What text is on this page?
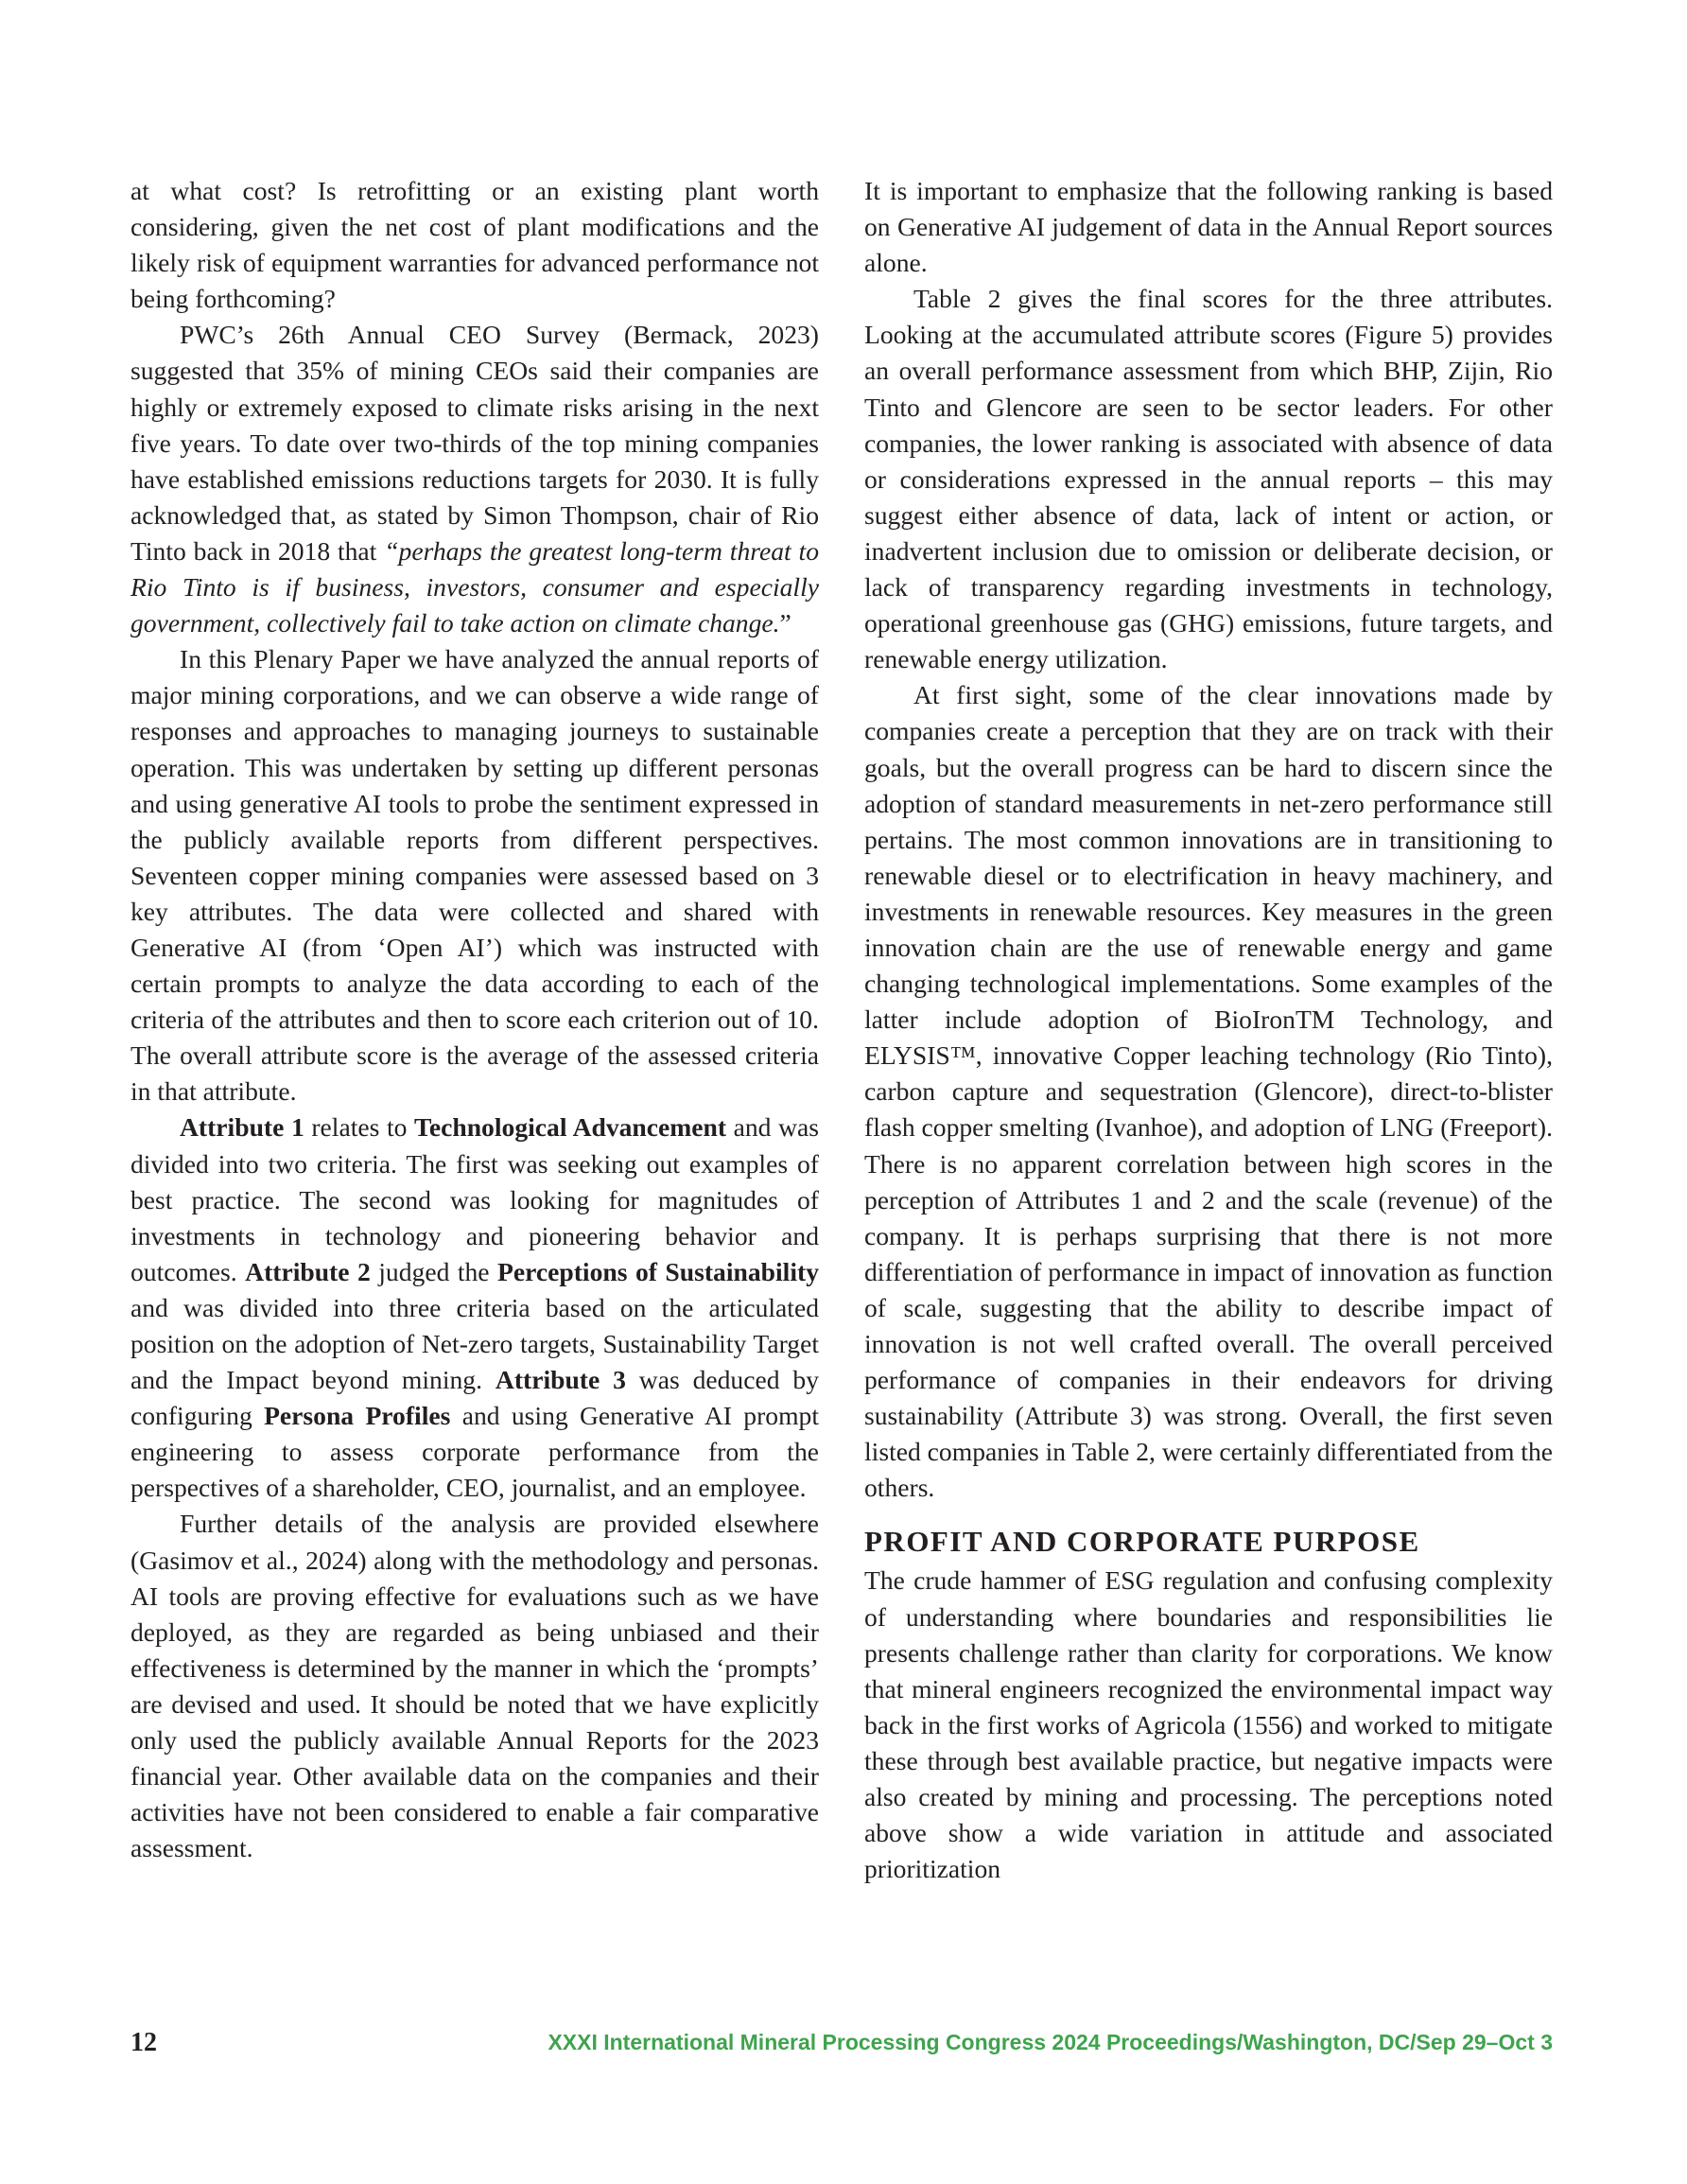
at what cost? Is retrofitting or an existing plant worth considering, given the net cost of plant modifications and the likely risk of equipment warranties for advanced performance not being forthcoming?

PWC’s 26th Annual CEO Survey (Bermack, 2023) suggested that 35% of mining CEOs said their companies are highly or extremely exposed to climate risks arising in the next five years. To date over two-thirds of the top mining companies have established emissions reductions targets for 2030. It is fully acknowledged that, as stated by Simon Thompson, chair of Rio Tinto back in 2018 that “perhaps the greatest long-term threat to Rio Tinto is if business, investors, consumer and especially government, collectively fail to take action on climate change.”

In this Plenary Paper we have analyzed the annual reports of major mining corporations, and we can observe a wide range of responses and approaches to managing journeys to sustainable operation. This was undertaken by setting up different personas and using generative AI tools to probe the sentiment expressed in the publicly available reports from different perspectives. Seventeen copper mining companies were assessed based on 3 key attributes. The data were collected and shared with Generative AI (from ‘Open AI’) which was instructed with certain prompts to analyze the data according to each of the criteria of the attributes and then to score each criterion out of 10. The overall attribute score is the average of the assessed criteria in that attribute.

Attribute 1 relates to Technological Advancement and was divided into two criteria. The first was seeking out examples of best practice. The second was looking for magnitudes of investments in technology and pioneering behavior and outcomes. Attribute 2 judged the Perceptions of Sustainability and was divided into three criteria based on the articulated position on the adoption of Net-zero targets, Sustainability Target and the Impact beyond mining. Attribute 3 was deduced by configuring Persona Profiles and using Generative AI prompt engineering to assess corporate performance from the perspectives of a shareholder, CEO, journalist, and an employee.

Further details of the analysis are provided elsewhere (Gasimov et al., 2024) along with the methodology and personas. AI tools are proving effective for evaluations such as we have deployed, as they are regarded as being unbiased and their effectiveness is determined by the manner in which the ‘prompts’ are devised and used. It should be noted that we have explicitly only used the publicly available Annual Reports for the 2023 financial year. Other available data on the companies and their activities have not been considered to enable a fair comparative assessment.

It is important to emphasize that the following ranking is based on Generative AI judgement of data in the Annual Report sources alone.

Table 2 gives the final scores for the three attributes. Looking at the accumulated attribute scores (Figure 5) provides an overall performance assessment from which BHP, Zijin, Rio Tinto and Glencore are seen to be sector leaders. For other companies, the lower ranking is associated with absence of data or considerations expressed in the annual reports – this may suggest either absence of data, lack of intent or action, or inadvertent inclusion due to omission or deliberate decision, or lack of transparency regarding investments in technology, operational greenhouse gas (GHG) emissions, future targets, and renewable energy utilization.

At first sight, some of the clear innovations made by companies create a perception that they are on track with their goals, but the overall progress can be hard to discern since the adoption of standard measurements in net-zero performance still pertains. The most common innovations are in transitioning to renewable diesel or to electrification in heavy machinery, and investments in renewable resources. Key measures in the green innovation chain are the use of renewable energy and game changing technological implementations. Some examples of the latter include adoption of BioIronTM Technology, and ELYSIS™, innovative Copper leaching technology (Rio Tinto), carbon capture and sequestration (Glencore), direct-to-blister flash copper smelting (Ivanhoe), and adoption of LNG (Freeport). There is no apparent correlation between high scores in the perception of Attributes 1 and 2 and the scale (revenue) of the company. It is perhaps surprising that there is not more differentiation of performance in impact of innovation as function of scale, suggesting that the ability to describe impact of innovation is not well crafted overall. The overall perceived performance of companies in their endeavors for driving sustainability (Attribute 3) was strong. Overall, the first seven listed companies in Table 2, were certainly differentiated from the others.

PROFIT AND CORPORATE PURPOSE

The crude hammer of ESG regulation and confusing complexity of understanding where boundaries and responsibilities lie presents challenge rather than clarity for corporations. We know that mineral engineers recognized the environmental impact way back in the first works of Agricola (1556) and worked to mitigate these through best available practice, but negative impacts were also created by mining and processing. The perceptions noted above show a wide variation in attitude and associated prioritization

12	XXXI International Mineral Processing Congress 2024 Proceedings/Washington, DC/Sep 29–Oct 3
